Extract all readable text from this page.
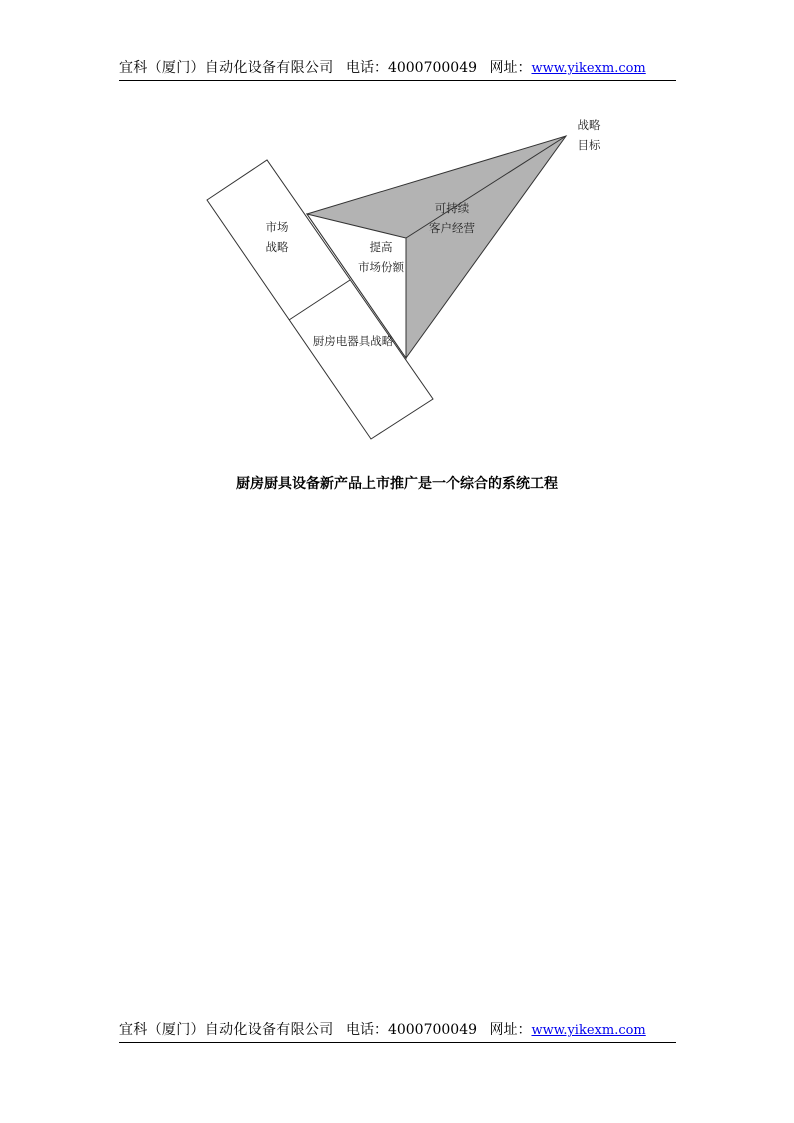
宜科（厦门）自动化设备有限公司 电话：4000700049 网址：www.yikexm.com
市场
战略
厨房电器具战略
提高
市场份额
可持续
客户经营
战略
目标
厨房厨具设备新产品上市推广是一个综合的系统工程
宜科（厦门）自动化设备有限公司 电话：4000700049 网址：www.yikexm.com
